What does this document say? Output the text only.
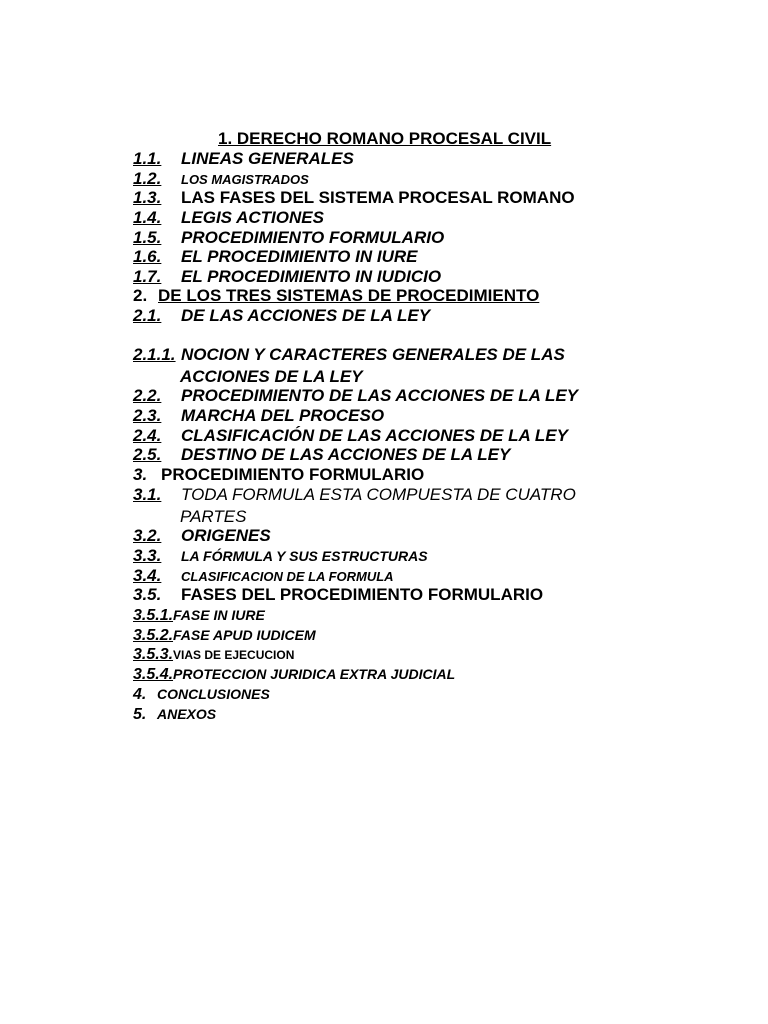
1. DERECHO ROMANO PROCESAL CIVIL
1.1. LINEAS GENERALES
1.2. LOS MAGISTRADOS
1.3. LAS FASES DEL SISTEMA PROCESAL ROMANO
1.4. LEGIS ACTIONES
1.5. PROCEDIMIENTO FORMULARIO
1.6. EL PROCEDIMIENTO IN IURE
1.7. EL PROCEDIMIENTO IN IUDICIO
2. DE LOS TRES SISTEMAS DE PROCEDIMIENTO
2.1. DE LAS ACCIONES DE LA LEY
2.1.1. NOCION Y CARACTERES GENERALES DE LAS
ACCIONES DE LA LEY
2.2. PROCEDIMIENTO DE LAS ACCIONES DE LA LEY
2.3. MARCHA DEL PROCESO
2.4. CLASIFICACIÓN DE LAS ACCIONES DE LA LEY
2.5. DESTINO DE LAS ACCIONES DE LA LEY
3. PROCEDIMIENTO FORMULARIO
3.1. TODA FORMULA ESTA COMPUESTA DE CUATRO
PARTES
3.2. ORIGENES
3.3. LA FÓRMULA Y SUS ESTRUCTURAS
3.4. CLASIFICACION DE LA FORMULA
3.5. FASES DEL PROCEDIMIENTO FORMULARIO
3.5.1.FASE IN IURE
3.5.2.FASE APUD IUDICEM
3.5.3.VIAS DE EJECUCION
3.5.4.PROTECCION JURIDICA EXTRA JUDICIAL
4. CONCLUSIONES
5. ANEXOS
